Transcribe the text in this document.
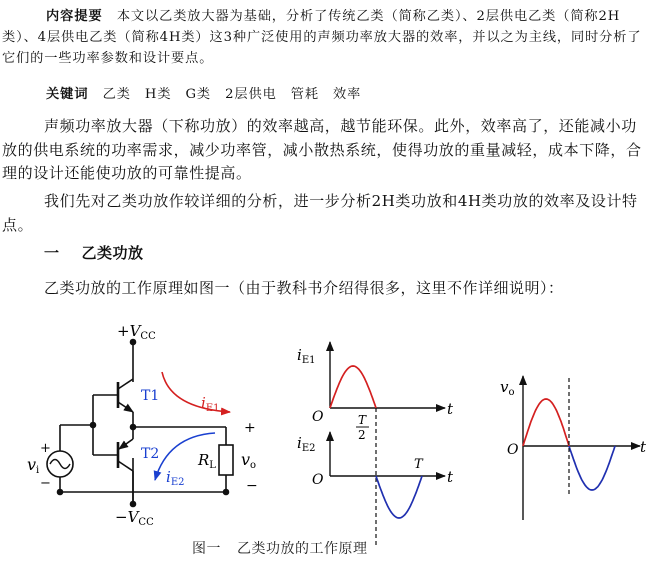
内容提要　 本文以乙类放大器为基础，分析了传统乙类（简称乙类）、2层供电乙类（简称2H类）、4层供电乙类（简称4H类）这3种广泛使用的声频功率放大器的效率，并以之为主线，同时分析了它们的一些功率参数和设计要点。

关键词　 乙类　H类　G类　2层供电　管耗　效率

声频功率放大器（下称功放）的效率越高，越节能环保。此外，效率高了，还能减小功放的供电系统的功率需求，减少功率管，减小散热系统，使得功放的重量减轻，成本下降，合理的设计还能使功放的可靠性提高。

我们先对乙类功放作较详细的分析，进一步分析2H类功放和4H类功放的效率及设计特点。

一 乙类功放

乙类功放的工作原理如图一（由于教科书介绍得很多，这里不作详细说明）：

$+V_{CC}$
$-V_{CC}$
T1
T2
$i_{E1}$
$i_{E2}$
$R_L$
vi
+
−
+
vo
−
$i_{E1}$
O	t
T
2
$i_{E2}$
O	t
T
$v_o$
O	t
图一 乙类功放的工作原理
